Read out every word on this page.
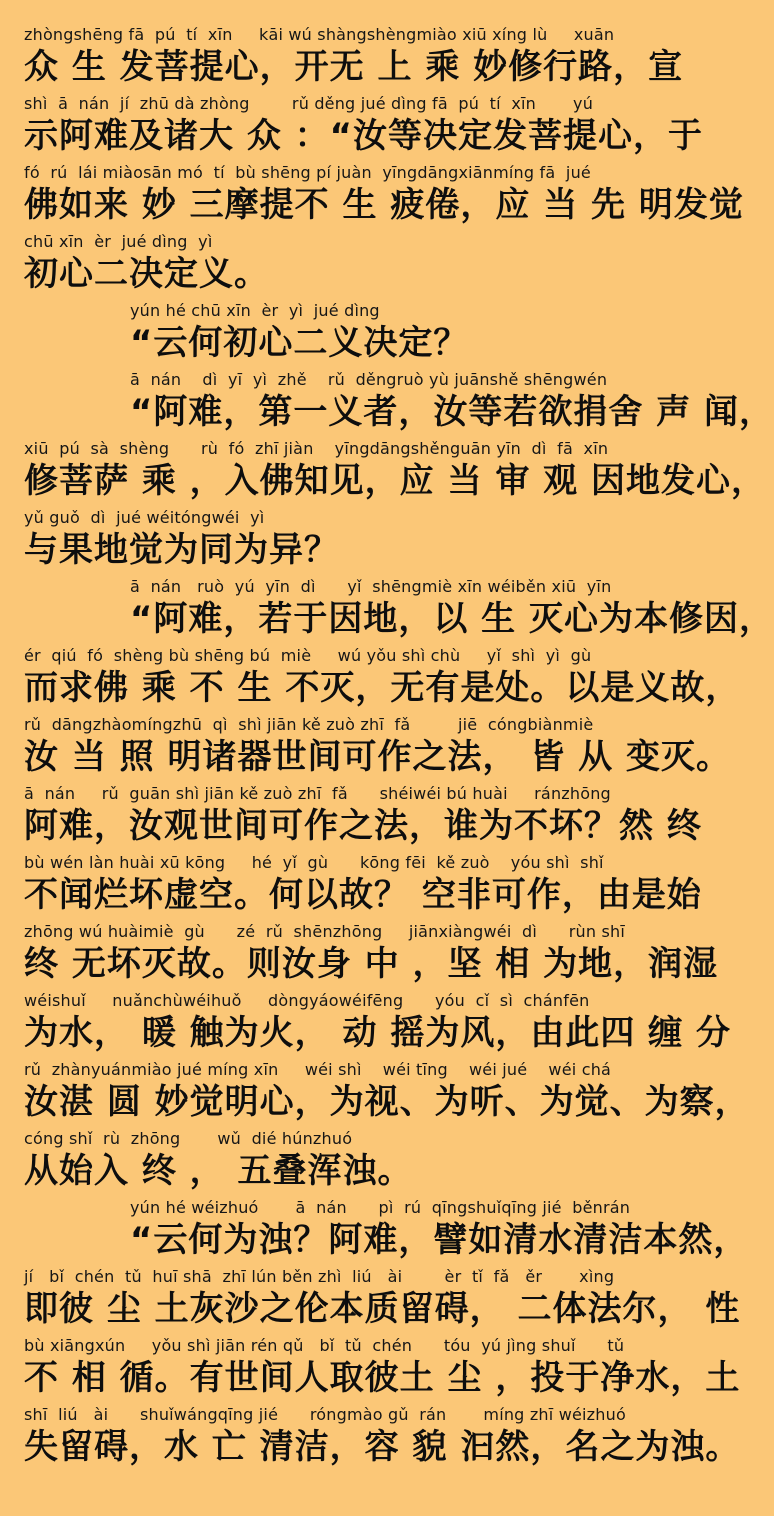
zhòngshēng fā  pú  tí  xīn     kāi wú shàngshèngmiào xiū xíng lù     xuān
众 生 发菩提心，开无 上 乘 妙修行路，宣
shì  ā  nán  jí  zhū dà zhòng        rǔ děng jué dìng fā  pú  tí  xīn       yú
示阿难及诸大 众 ：“汝等决定发菩提心，于
fó  rú  lái miàosān mó  tí  bù shēng pí juàn  yīngdāngxiānmíng fā  jué
佛如来 妙 三摩提不 生 疲倦，应 当 先 明发觉
chū xīn  èr  jué dìng  yì
初心二决定义。
yún hé chū xīn  èr  yì  jué dìng
“云何初心二义决定？
ā  nán    dì  yī  yì  zhě    rǔ  děngruò yù juānshě shēngwén
“阿难，第一义者，汝等若欲捐舍 声 闻，
xiū  pú  sà  shèng      rù  fó  zhī jiàn    yīngdāngshěnguān yīn  dì  fā  xīn
修菩萨 乘 ，入佛知见，应 当 审 观 因地发心，
yǔ guǒ  dì  jué wéitóngwéi  yì
与果地觉为同为异？
ā  nán   ruò  yú  yīn  dì      yǐ  shēngmiè xīn wéiběn xiū  yīn
“阿难，若于因地，以 生 灭心为本修因，
ér  qiú  fó  shèng bù shēng bú  miè     wú yǒu shì chù     yǐ  shì  yì  gù
而求佛 乘 不 生 不灭，无有是处。以是义故，
rǔ  dāngzhàomíngzhū  qì  shì jiān kě zuò zhī  fǎ         jiē  cóngbiànmiè
汝 当 照 明诸器世间可作之法， 皆 从 变灭。
ā  nán     rǔ  guān shì jiān kě zuò zhī  fǎ      shéiwéi bú huài     ránzhōng
阿难，汝观世间可作之法，谁为不坏？然 终
bù wén làn huài xū kōng     hé  yǐ  gù      kōng fēi  kě zuò    yóu shì  shǐ
不闻烂坏虚空。何以故？ 空非可作，由是始
zhōng wú huàimiè  gù      zé  rǔ  shēnzhōng     jiānxiàngwéi  dì      rùn shī
终 无坏灭故。则汝身 中 ，坚 相 为地，润湿
wéishuǐ     nuǎnchùwéihuǒ     dòngyáowéifēng      yóu  cǐ  sì  chánfēn
为水， 暖 触为火， 动 摇为风，由此四 缠 分
rǔ  zhànyuánmiào jué míng xīn     wéi shì    wéi tīng    wéi jué    wéi chá
汝湛 圆 妙觉明心，为视、为听、为觉、为察，
cóng shǐ  rù  zhōng       wǔ  dié húnzhuó
从始入 终 ， 五叠浑浊。
yún hé wéizhuó       ā  nán      pì  rú  qīngshuǐqīng jié  běnrán
“云何为浊？阿难，譬如清水清洁本然，
jí   bǐ  chén  tǔ  huī shā  zhī lún běn zhì  liú   ài        èr  tǐ  fǎ   ěr       xìng
即彼 尘 土灰沙之伦本质留碍， 二体法尔， 性
bù xiāngxún     yǒu shì jiān rén qǔ   bǐ  tǔ  chén      tóu  yú jìng shuǐ      tǔ
不 相 循。有世间人取彼土 尘 ，投于净水，土
shī  liú   ài      shuǐwángqīng jié      róngmào gǔ  rán       míng zhī wéizhuó
失留碍，水 亡 清洁，容 貌 汩然，名之为浊。
